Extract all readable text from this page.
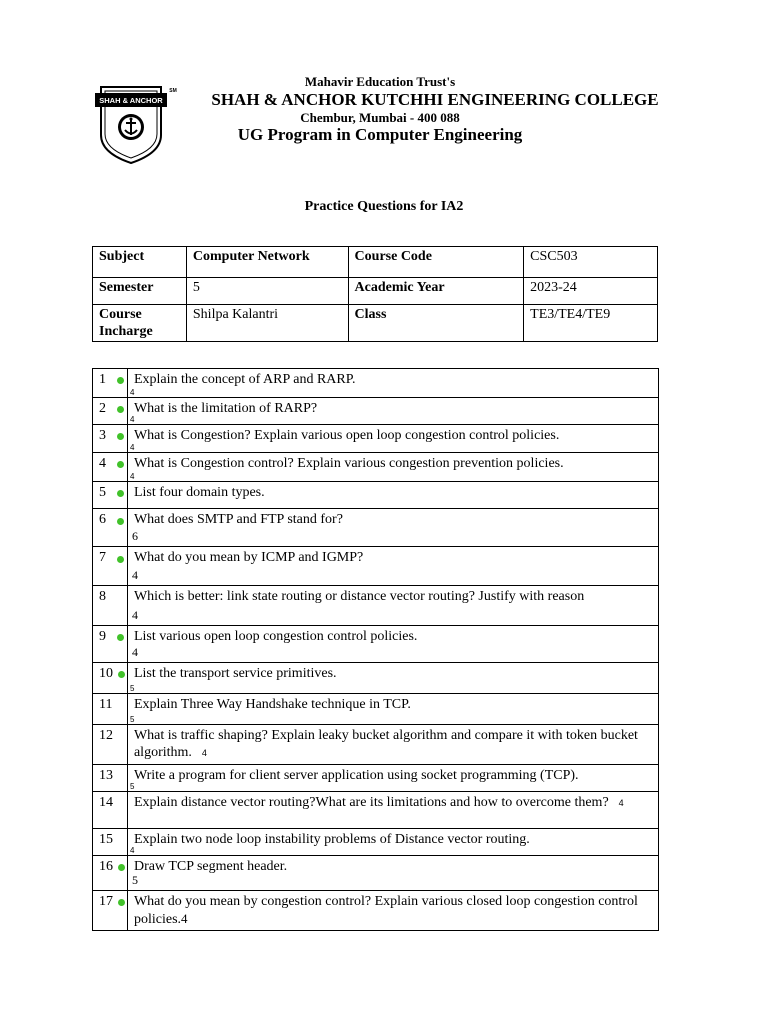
SHAH & ANCHOR
SM
Mahavir Education Trust's
SHAH & ANCHOR KUTCHHI ENGINEERING COLLEGE
Chembur, Mumbai - 400 088
UG Program in Computer Engineering
Practice Questions for IA2
Subject	Computer Network	Course Code	CSC503
Semester	5	Academic Year	2023-24
Course Incharge	Shilpa Kalantri	Class	TE3/TE4/TE9
1	Explain the concept of ARP and RARP.
4

2	What is the limitation of RARP?
4

3	What is Congestion? Explain various open loop congestion control policies.
4

4	What is Congestion control? Explain various congestion prevention policies.
4

5	List four domain types.

6	What does SMTP and FTP stand for?
6

7	What do you mean by ICMP and IGMP?
4

8	Which is better: link state routing or distance vector routing? Justify with reason
4

9	List various open loop congestion control policies.
4

10	List the transport service primitives.
5

11	Explain Three Way Handshake technique in TCP.
5

12	What is traffic shaping? Explain leaky bucket algorithm and compare it with token bucket algorithm. 4
13	Write a program for client server application using socket programming (TCP).
5

14	Explain distance vector routing?What are its limitations and how to overcome them? 4
15	Explain two node loop instability problems of Distance vector routing.
4

16	Draw TCP segment header.
5

17	What do you mean by congestion control? Explain various closed loop congestion control policies.4
